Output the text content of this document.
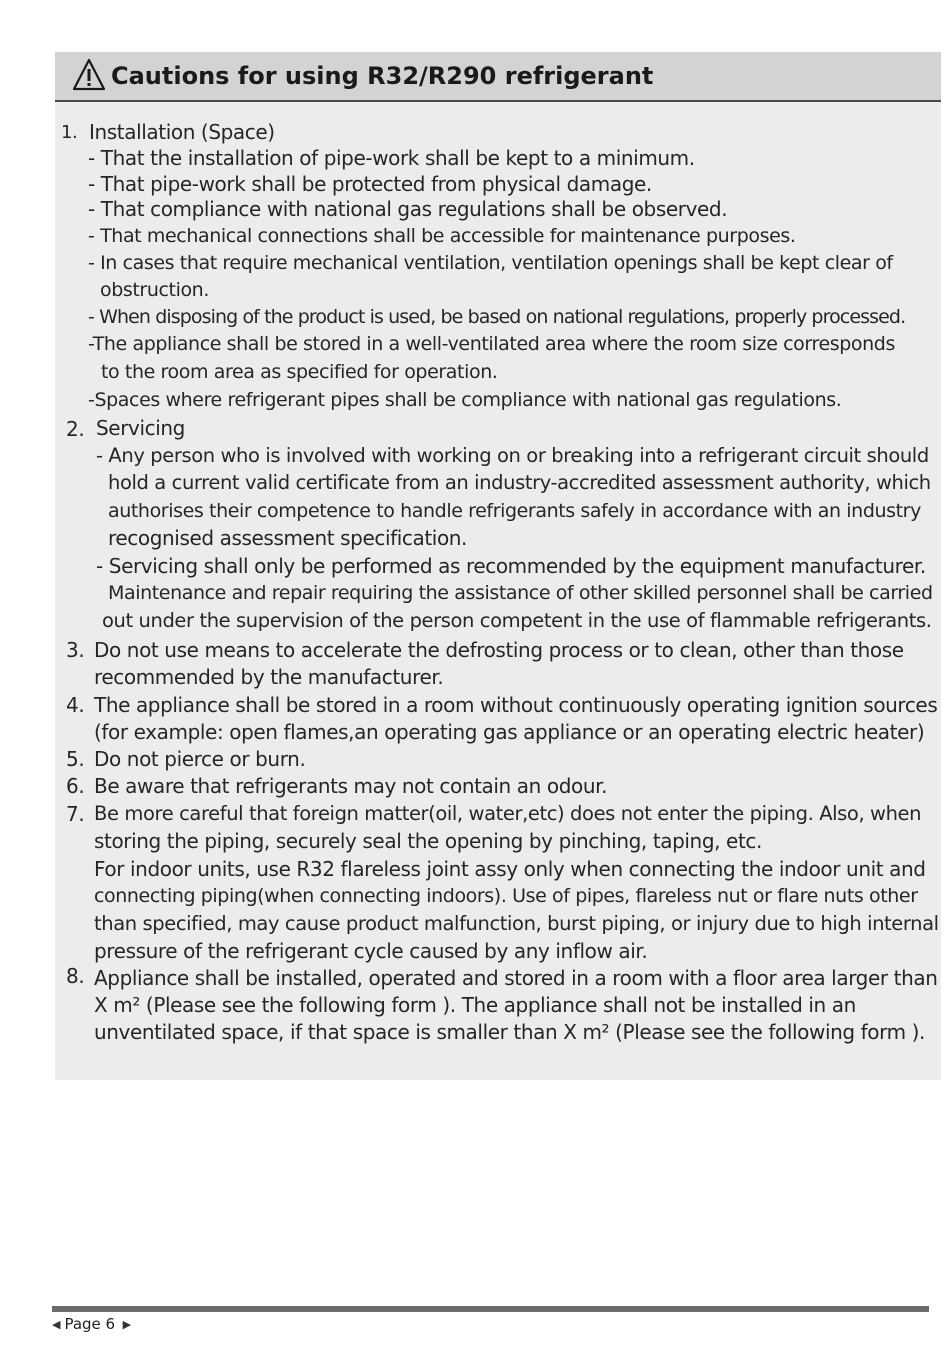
Cautions for using R32/R290 refrigerant
1. Installation (Space)
- That the installation of pipe-work shall be kept to a minimum.
- That pipe-work shall be protected from physical damage.
- That compliance with national gas regulations shall be observed.
- That mechanical connections shall be accessible for maintenance purposes.
- In cases that require mechanical ventilation, ventilation openings shall be kept clear of
obstruction.
- When disposing of the product is used, be based on national regulations, properly processed.
-The appliance shall be stored in a well-ventilated area where the room size corresponds
to the room area as specified for operation.
-Spaces where refrigerant pipes shall be compliance with national gas regulations.
2. Servicing
- Any person who is involved with working on or breaking into a refrigerant circuit should
hold a current valid certificate from an industry-accredited assessment authority, which
authorises their competence to handle refrigerants safely in accordance with an industry
recognised assessment specification.
- Servicing shall only be performed as recommended by the equipment manufacturer.
Maintenance and repair requiring the assistance of other skilled personnel shall be carried
out under the supervision of the person competent in the use of flammable refrigerants.
3. Do not use means to accelerate the defrosting process or to clean, other than those
recommended by the manufacturer.
4. The appliance shall be stored in a room without continuously operating ignition sources
(for example: open flames,an operating gas appliance or an operating electric heater)
5. Do not pierce or burn.
6. Be aware that refrigerants may not contain an odour.
7. Be more careful that foreign matter(oil, water,etc) does not enter the piping. Also, when
storing the piping, securely seal the opening by pinching, taping, etc.
For indoor units, use R32 flareless joint assy only when connecting the indoor unit and
connecting piping(when connecting indoors). Use of pipes, flareless nut or flare nuts other
than specified, may cause product malfunction, burst piping, or injury due to high internal
pressure of the refrigerant cycle caused by any inflow air.
8. Appliance shall be installed, operated and stored in a room with a floor area larger than
X m² (Please see the following form ). The appliance shall not be installed in an
unventilated space, if that space is smaller than X m² (Please see the following form ).
◀ Page 6 ▶
